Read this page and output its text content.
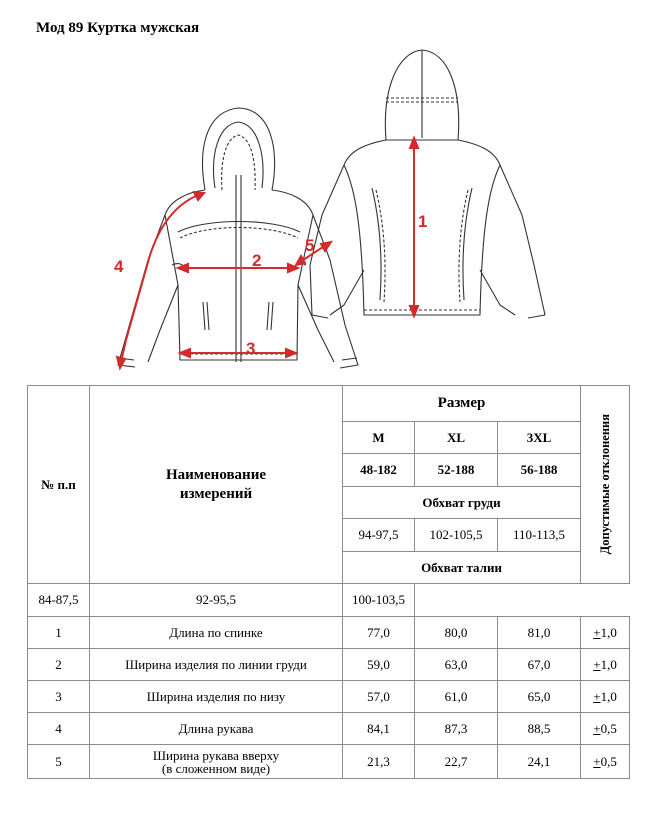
Мод 89 Куртка мужская
1
2
3
4
5
№ п.п	Наименование измерений	Размер			Допустимые отклонения

		M	XL	3XL	
		48-182	52-188	56-188	
		Обхват груди			
		94-97,5	102-105,5	110-113,5	
		Обхват талии			
84-87,5	92-95,5	100-103,5			
1	Длина по спинке	77,0	80,0	81,0	+1,0
2	Ширина изделия по линии груди	59,0	63,0	67,0	+1,0
3	Ширина изделия по низу	57,0	61,0	65,0	+1,0
4	Длина рукава	84,1	87,3	88,5	+0,5
5	Ширина рукава вверху
(в сложенном виде)	21,3	22,7	24,1	+0,5
